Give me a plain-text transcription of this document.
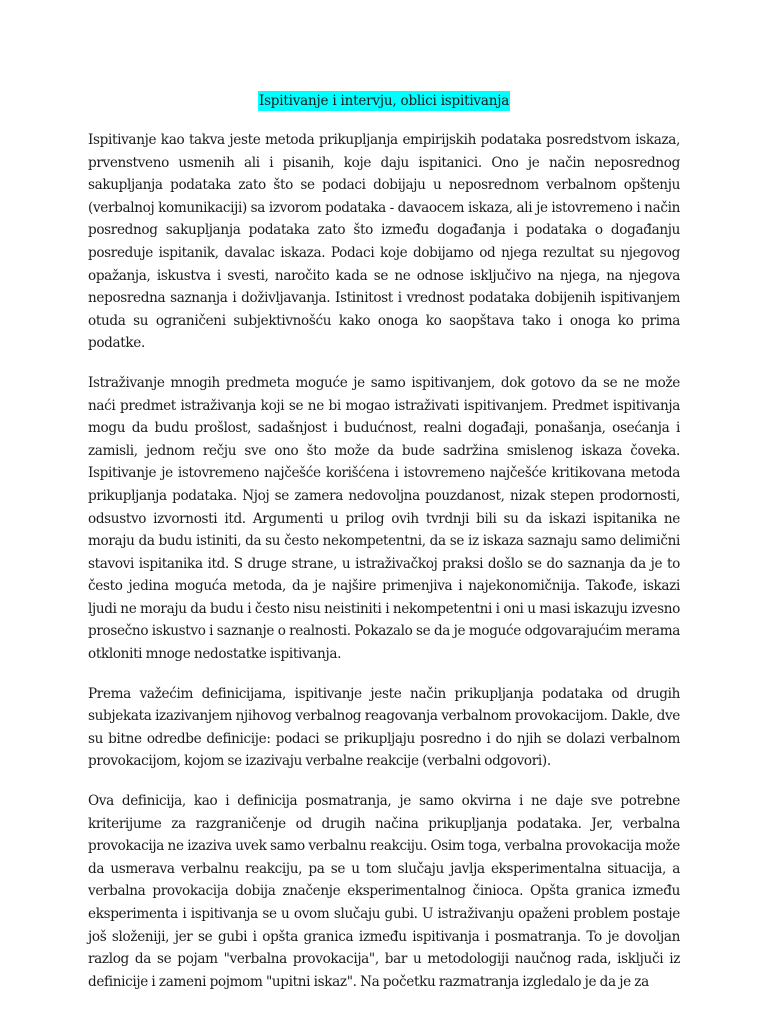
Ispitivanje i intervju, oblici ispitivanja

Ispitivanje kao takva jeste metoda prikupljanja empirijskih podataka posredstvom iskaza, prvenstveno usmenih ali i pisanih, koje daju ispitanici. Ono je način neposrednog sakupljanja podataka zato što se podaci dobijaju u neposrednom verbalnom opštenju (verbalnoj komunikaciji) sa izvorom podataka - davaocem iskaza, ali je istovremeno i način posrednog sakupljanja podataka zato što između događanja i podataka o događanju posreduje ispitanik, davalac iskaza. Podaci koje dobijamo od njega rezultat su njegovog opažanja, iskustva i svesti, naročito kada se ne odnose isključivo na njega, na njegova neposredna saznanja i doživljavanja. Istinitost i vrednost podataka dobijenih ispitivanjem otuda su ograničeni subjektivnošću kako onoga ko saopštava tako i onoga ko prima podatke.

Istraživanje mnogih predmeta moguće je samo ispitivanjem, dok gotovo da se ne može naći predmet istraživanja koji se ne bi mogao istraživati ispitivanjem. Predmet ispitivanja mogu da budu prošlost, sadašnjost i budućnost, realni događaji, ponašanja, osećanja i zamisli, jednom rečju sve ono što može da bude sadržina smislenog iskaza čoveka. Ispitivanje je istovremeno najčešće korišćena i istovremeno najčešće kritikovana metoda prikupljanja podataka. Njoj se zamera nedovoljna pouzdanost, nizak stepen prodornosti, odsustvo izvornosti itd. Argumenti u prilog ovih tvrdnji bili su da iskazi ispitanika ne moraju da budu istiniti, da su često nekompetentni, da se iz iskaza saznaju samo delimični stavovi ispitanika itd. S druge strane, u istraživačkoj praksi došlo se do saznanja da je to često jedina moguća metoda, da je najšire primenjiva i najekonomičnija. Takođe, iskazi ljudi ne moraju da budu i često nisu neistiniti i nekompetentni i oni u masi iskazuju izvesno prosečno iskustvo i saznanje o realnosti. Pokazalo se da je moguće odgovarajućim merama otkloniti mnoge nedostatke ispitivanja.

Prema važećim definicijama, ispitivanje jeste način prikupljanja podataka od drugih subjekata izazivanjem njihovog verbalnog reagovanja verbalnom provokacijom. Dakle, dve su bitne odredbe definicije: podaci se prikupljaju posredno i do njih se dolazi verbalnom provokacijom, kojom se izazivaju verbalne reakcije (verbalni odgovori).

Ova definicija, kao i definicija posmatranja, je samo okvirna i ne daje sve potrebne kriterijume za razgraničenje od drugih načina prikupljanja podataka. Jer, verbalna provokacija ne izaziva uvek samo verbalnu reakciju. Osim toga, verbalna provokacija može da usmerava verbalnu reakciju, pa se u tom slučaju javlja eksperimentalna situacija, a verbalna provokacija dobija značenje eksperimentalnog činioca. Opšta granica između eksperimenta i ispitivanja se u ovom slučaju gubi. U istraživanju opaženi problem postaje još složeniji, jer se gubi i opšta granica između ispitivanja i posmatranja. To je dovoljan razlog da se pojam "verbalna provokacija", bar u metodologiji naučnog rada, isključi iz definicije i zameni pojmom "upitni iskaz". Na početku razmatranja izgledalo je da je za
